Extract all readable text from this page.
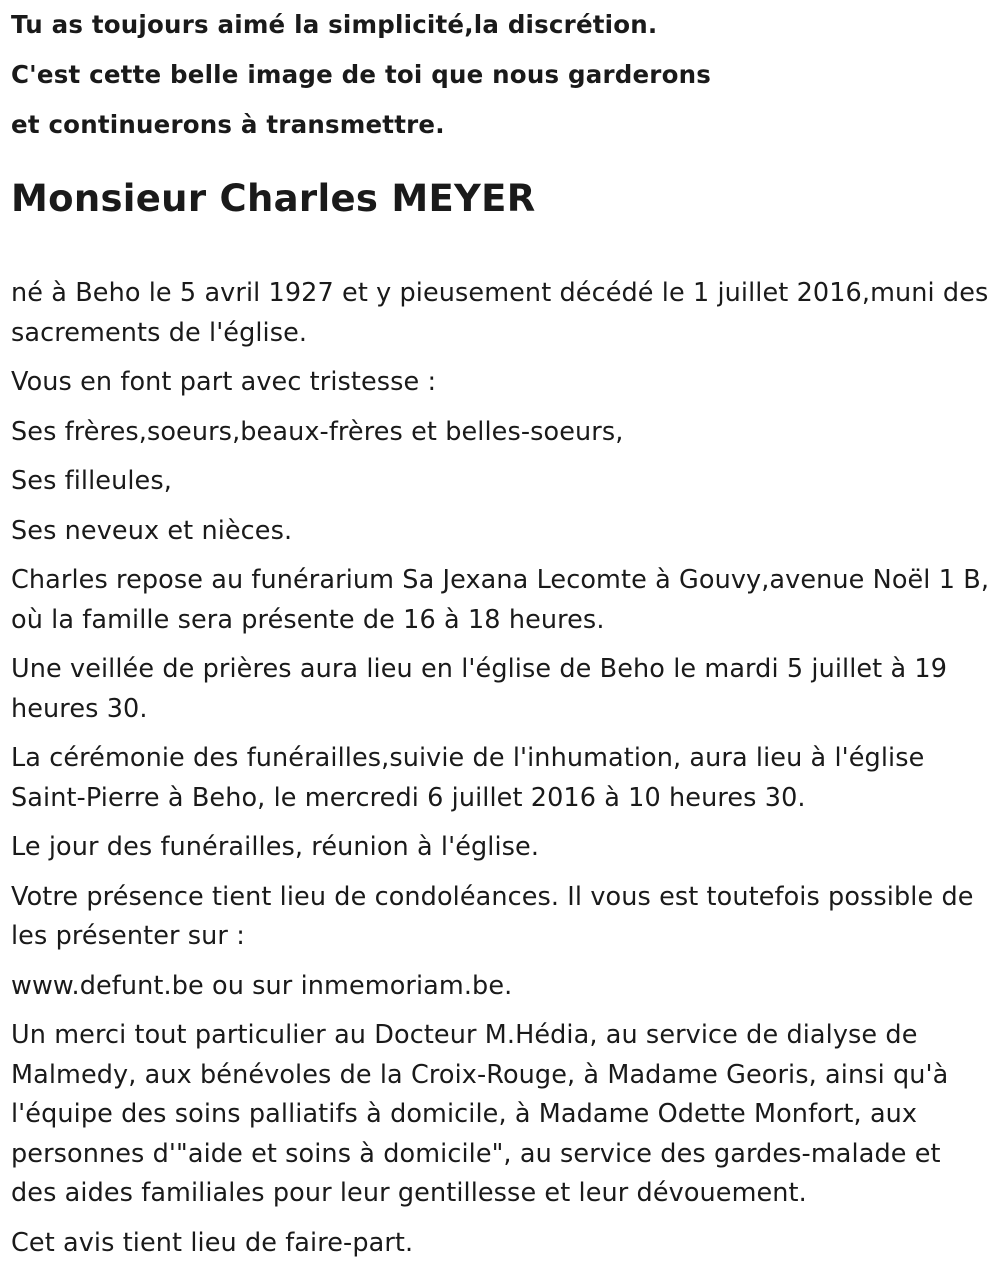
Tu as toujours aimé la simplicité,la discrétion.
C'est cette belle image de toi que nous garderons
et continuerons à transmettre.
Monsieur Charles MEYER

né à Beho le 5 avril 1927 et y pieusement décédé le 1 juillet 2016,muni des sacrements de l'église.

Vous en font part avec tristesse :

Ses frères,soeurs,beaux-frères et belles-soeurs,

Ses filleules,

Ses neveux et nièces.

Charles repose au funérarium Sa Jexana Lecomte à Gouvy,avenue Noël 1 B, où la famille sera présente de 16 à 18 heures.

Une veillée de prières aura lieu en l'église de Beho le mardi 5 juillet à 19 heures 30.

La cérémonie des funérailles,suivie de l'inhumation, aura lieu à l'église Saint-Pierre à Beho, le mercredi 6 juillet 2016 à 10 heures 30.

Le jour des funérailles, réunion à l'église.

Votre présence tient lieu de condoléances. Il vous est toutefois possible de les présenter sur :

www.defunt.be ou sur inmemoriam.be.

Un merci tout particulier au Docteur M.Hédia, au service de dialyse de Malmedy, aux bénévoles de la Croix-Rouge, à Madame Georis, ainsi qu'à l'équipe des soins palliatifs à domicile, à Madame Odette Monfort, aux personnes d'"aide et soins à domicile", au service des gardes-malade et des aides familiales pour leur gentillesse et leur dévouement.

Cet avis tient lieu de faire-part.
